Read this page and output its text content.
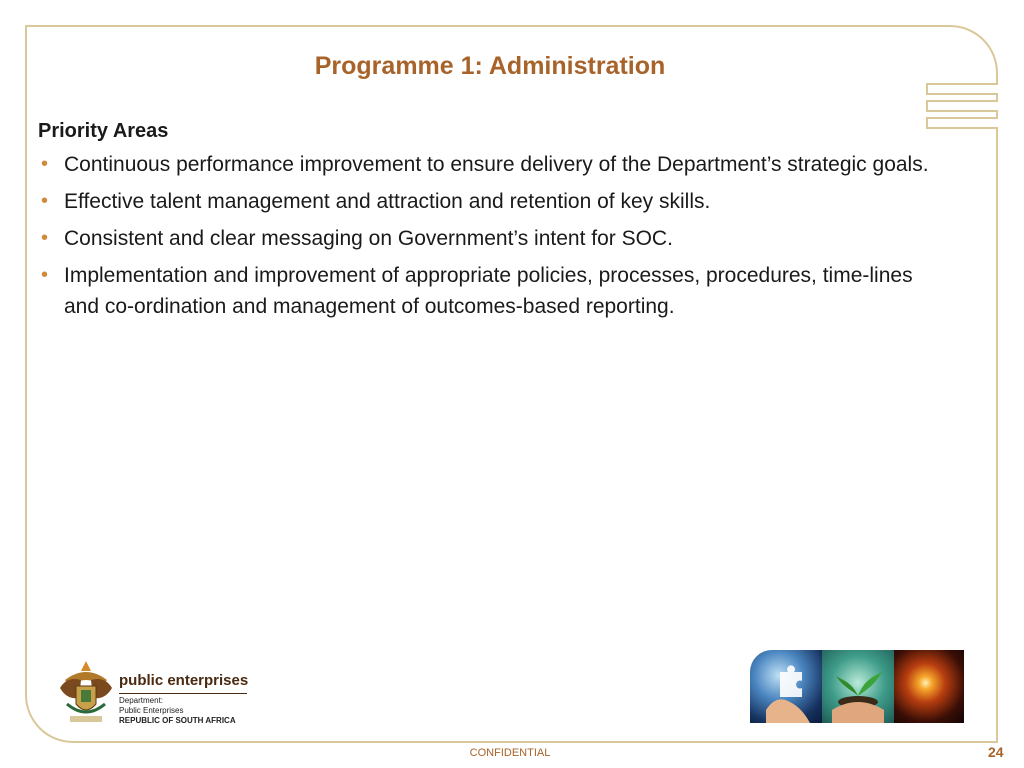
Programme 1: Administration
Priority Areas
• Continuous performance improvement to ensure delivery of the Department’s strategic goals.
• Effective talent management and attraction and retention of key skills.
• Consistent and clear messaging on Government’s intent for SOC.
• Implementation and improvement of appropriate policies, processes, procedures, time-lines and co-ordination and management of outcomes-based reporting.
public enterprises
Department:
Public Enterprises
REPUBLIC OF SOUTH AFRICA
CONFIDENTIAL	24
